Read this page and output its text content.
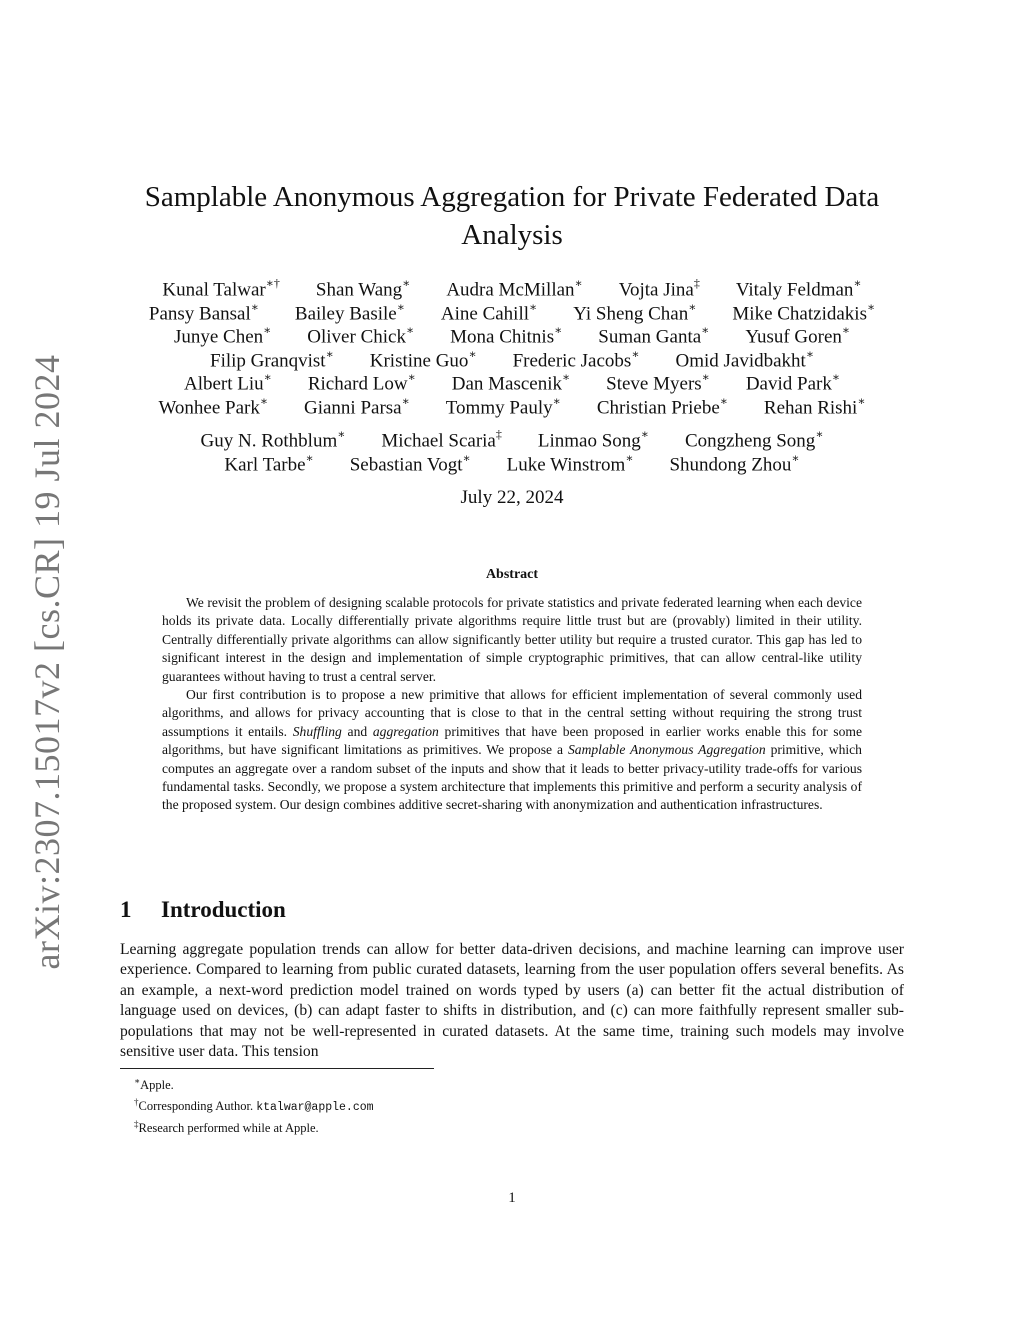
arXiv:2307.15017v2 [cs.CR] 19 Jul 2024
Samplable Anonymous Aggregation for Private Federated Data Analysis
Kunal Talwar∗† Shan Wang∗ Audra McMillan∗ Vojta Jina‡ Vitaly Feldman∗
Pansy Bansal∗ Bailey Basile∗ Aine Cahill∗ Yi Sheng Chan∗ Mike Chatzidakis∗
Junye Chen∗ Oliver Chick∗ Mona Chitnis∗ Suman Ganta∗ Yusuf Goren∗
Filip Granqvist∗ Kristine Guo∗ Frederic Jacobs∗ Omid Javidbakht∗
Albert Liu∗ Richard Low∗ Dan Mascenik∗ Steve Myers∗ David Park∗
Wonhee Park∗ Gianni Parsa∗ Tommy Pauly∗ Christian Priebe∗ Rehan Rishi∗
Guy N. Rothblum∗ Michael Scaria‡ Linmao Song∗ Congzheng Song∗
Karl Tarbe∗ Sebastian Vogt∗ Luke Winstrom∗ Shundong Zhou∗
July 22, 2024
Abstract

We revisit the problem of designing scalable protocols for private statistics and private federated learning when each device holds its private data. Locally differentially private algorithms require little trust but are (provably) limited in their utility. Centrally differentially private algorithms can allow significantly better utility but require a trusted curator. This gap has led to significant interest in the design and implementation of simple cryptographic primitives, that can allow central-like utility guarantees without having to trust a central server.

Our first contribution is to propose a new primitive that allows for efficient implementation of several commonly used algorithms, and allows for privacy accounting that is close to that in the central setting without requiring the strong trust assumptions it entails. Shuffling and aggregation primitives that have been proposed in earlier works enable this for some algorithms, but have significant limitations as primitives. We propose a Samplable Anonymous Aggregation primitive, which computes an aggregate over a random subset of the inputs and show that it leads to better privacy-utility trade-offs for various fundamental tasks. Secondly, we propose a system architecture that implements this primitive and perform a security analysis of the proposed system. Our design combines additive secret-sharing with anonymization and authentication infrastructures.

1 Introduction

Learning aggregate population trends can allow for better data-driven decisions, and machine learning can improve user experience. Compared to learning from public curated datasets, learning from the user population offers several benefits. As an example, a next-word prediction model trained on words typed by users (a) can better fit the actual distribution of language used on devices, (b) can adapt faster to shifts in distribution, and (c) can more faithfully represent smaller sub-populations that may not be well-represented in curated datasets. At the same time, training such models may involve sensitive user data. This tension

∗Apple.
†Corresponding Author. ktalwar@apple.com
‡Research performed while at Apple.
1
